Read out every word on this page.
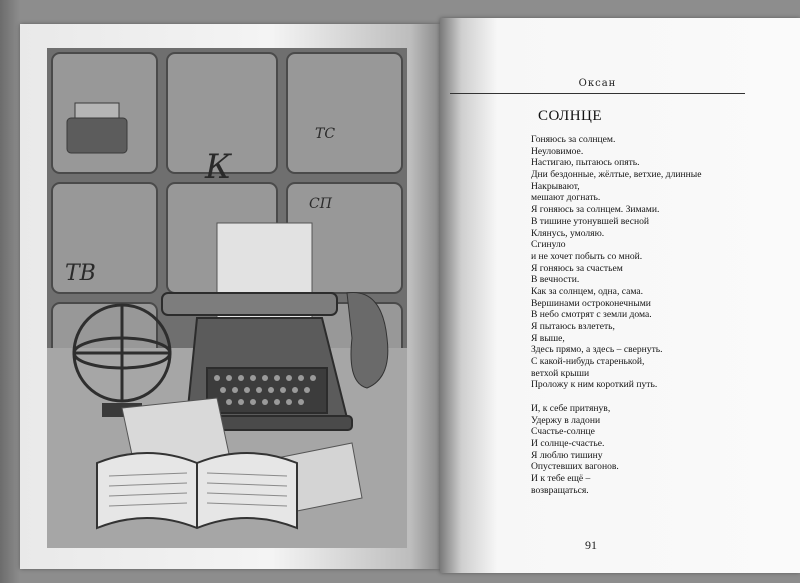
ТС
К
СП
ТВ
Оксан
СОЛНЦЕ
Гоняюсь за солнцем.
Неуловимое.
Настигаю, пытаюсь опять.
Дни бездонные, жёлтые, ветхие, длинные
Накрывают,
мешают догнать.
Я гоняюсь за солнцем. Зимами.
В тишине утонувшей весной
Клянусь, умоляю.
Сгинуло
и не хочет побыть со мной.
Я гоняюсь за счастьем
В вечности.
Как за солнцем, одна, сама.
Вершинами остроконечными
В небо смотрят с земли дома.
Я пытаюсь взлететь,
Я выше,
Здесь прямо, а здесь – свернуть.
С какой-нибудь старенькой,
ветхой крыши
Проложу к ним короткий путь.
И, к себе притянув,
Удержу в ладони
Счастье-солнце
И солнце-счастье.
Я люблю тишину
Опустевших вагонов.
И к тебе ещё –
возвращаться.
91
